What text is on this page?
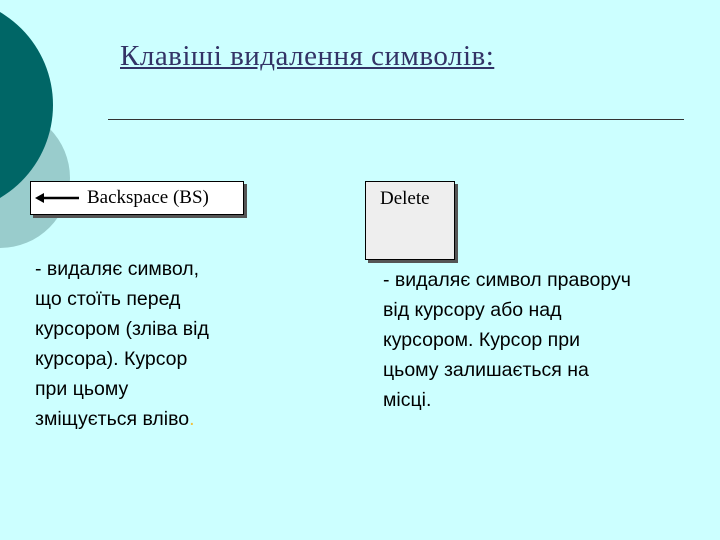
Клавіші видалення символів:
Backspace (BS)
- видаляє символ,
що стоїть перед
курсором (зліва від
курсора). Курсор
при цьому
зміщується вліво.
Delete
- видаляє символ праворуч
від курсору або над
курсором. Курсор при
цьому залишається на
місці.
